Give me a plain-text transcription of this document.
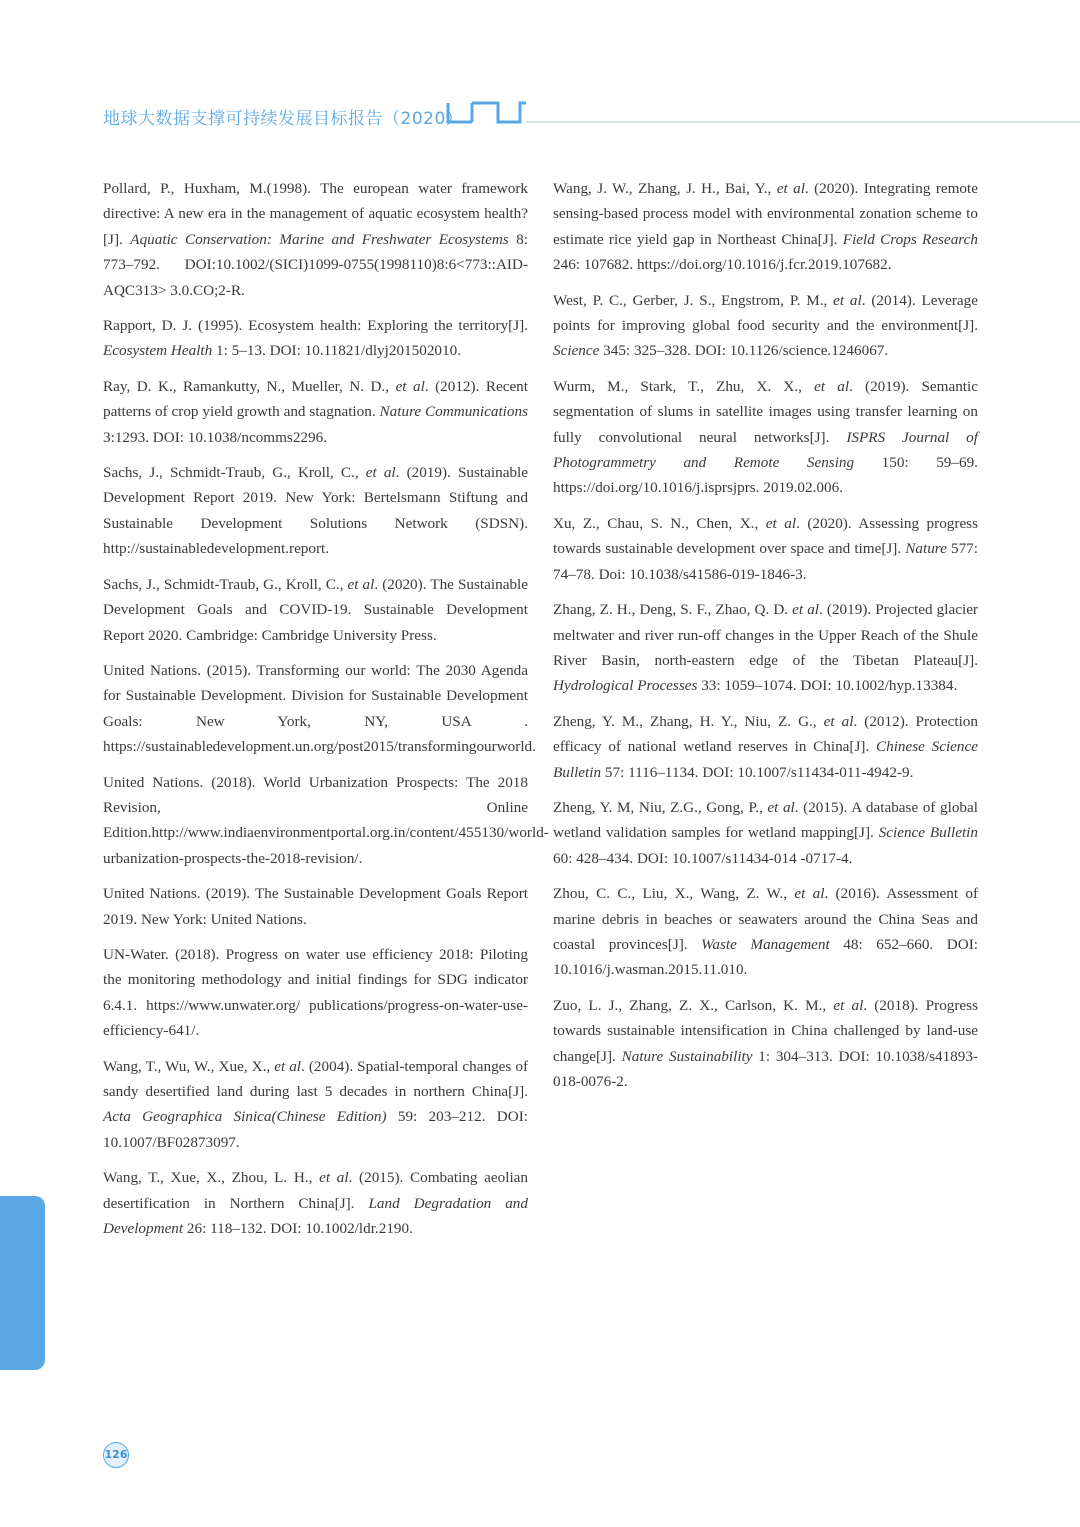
地球大数据支撑可持续发展目标报告（2020）

Pollard, P., Huxham, M.(1998). The european water framework directive: A new era in the management of aquatic ecosystem health?[J]. Aquatic Conservation: Marine and Freshwater Ecosystems 8: 773–792. DOI:10.1002/(SICI)1099-0755(1998110)8:6<773::AID-AQC313> 3.0.CO;2-R.

Rapport, D. J. (1995). Ecosystem health: Exploring the territory[J]. Ecosystem Health 1: 5–13. DOI: 10.11821/dlyj201502010.

Ray, D. K., Ramankutty, N., Mueller, N. D., et al. (2012). Recent patterns of crop yield growth and stagnation. Nature Communications 3:1293. DOI: 10.1038/ncomms2296.

Sachs, J., Schmidt-Traub, G., Kroll, C., et al. (2019). Sustainable Development Report 2019. New York: Bertelsmann Stiftung and Sustainable Development Solutions Network (SDSN). http://sustainabledevelopment.report.

Sachs, J., Schmidt-Traub, G., Kroll, C., et al. (2020). The Sustainable Development Goals and COVID-19. Sustainable Development Report 2020. Cambridge: Cambridge University Press.

United Nations. (2015). Transforming our world: The 2030 Agenda for Sustainable Development. Division for Sustainable Development Goals: New York, NY, USA . https://sustainabledevelopment.un.org/post2015/transformingourworld.

United Nations. (2018). World Urbanization Prospects: The 2018 Revision, Online Edition.http://www.indiaenvironmentportal.org.in/content/455130/world-urbanization-prospects-the-2018-revision/.

United Nations. (2019). The Sustainable Development Goals Report 2019. New York: United Nations.

UN-Water. (2018). Progress on water use efficiency 2018: Piloting the monitoring methodology and initial findings for SDG indicator 6.4.1. https://www.unwater.org/ publications/progress-on-water-use-efficiency-641/.

Wang, T., Wu, W., Xue, X., et al. (2004). Spatial-temporal changes of sandy desertified land during last 5 decades in northern China[J]. Acta Geographica Sinica(Chinese Edition) 59: 203–212. DOI: 10.1007/BF02873097.

Wang, T., Xue, X., Zhou, L. H., et al. (2015). Combating aeolian desertification in Northern China[J]. Land Degradation and Development 26: 118–132. DOI: 10.1002/ldr.2190.

Wang, J. W., Zhang, J. H., Bai, Y., et al. (2020). Integrating remote sensing-based process model with environmental zonation scheme to estimate rice yield gap in Northeast China[J]. Field Crops Research 246: 107682. https://doi.org/10.1016/j.fcr.2019.107682.

West, P. C., Gerber, J. S., Engstrom, P. M., et al. (2014). Leverage points for improving global food security and the environment[J]. Science 345: 325–328. DOI: 10.1126/science.1246067.

Wurm, M., Stark, T., Zhu, X. X., et al. (2019). Semantic segmentation of slums in satellite images using transfer learning on fully convolutional neural networks[J]. ISPRS Journal of Photogrammetry and Remote Sensing 150: 59–69. https://doi.org/10.1016/j.isprsjprs. 2019.02.006.

Xu, Z., Chau, S. N., Chen, X., et al. (2020). Assessing progress towards sustainable development over space and time[J]. Nature 577: 74–78. Doi: 10.1038/s41586-019-1846-3.

Zhang, Z. H., Deng, S. F., Zhao, Q. D. et al. (2019). Projected glacier meltwater and river run-off changes in the Upper Reach of the Shule River Basin, north-eastern edge of the Tibetan Plateau[J]. Hydrological Processes 33: 1059–1074. DOI: 10.1002/hyp.13384.

Zheng, Y. M., Zhang, H. Y., Niu, Z. G., et al. (2012). Protection efficacy of national wetland reserves in China[J]. Chinese Science Bulletin 57: 1116–1134. DOI: 10.1007/s11434-011-4942-9.

Zheng, Y. M, Niu, Z.G., Gong, P., et al. (2015). A database of global wetland validation samples for wetland mapping[J]. Science Bulletin 60: 428–434. DOI: 10.1007/s11434-014 -0717-4.

Zhou, C. C., Liu, X., Wang, Z. W., et al. (2016). Assessment of marine debris in beaches or seawaters around the China Seas and coastal provinces[J]. Waste Management 48: 652–660. DOI: 10.1016/j.wasman.2015.11.010.

Zuo, L. J., Zhang, Z. X., Carlson, K. M., et al. (2018). Progress towards sustainable intensification in China challenged by land-use change[J]. Nature Sustainability 1: 304–313. DOI: 10.1038/s41893-018-0076-2.

126
